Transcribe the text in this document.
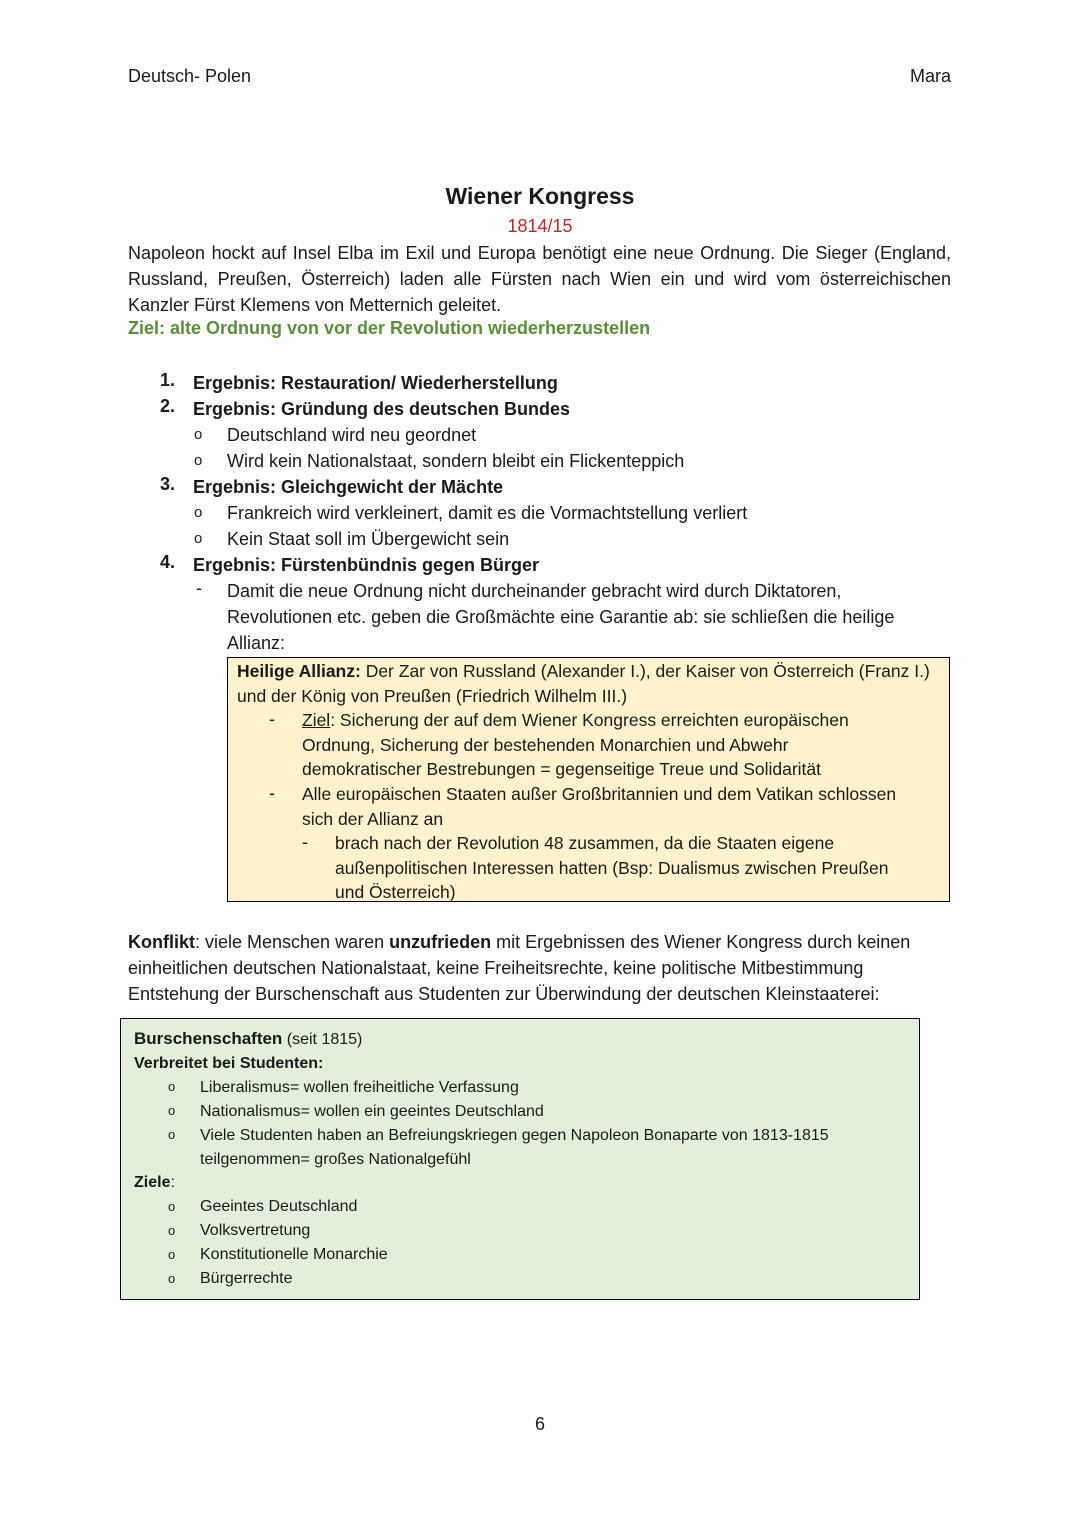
Deutsch- Polen	Mara
Wiener Kongress
1814/15
Napoleon hockt auf Insel Elba im Exil und Europa benötigt eine neue Ordnung. Die Sieger (England,
Russland, Preußen, Österreich) laden alle Fürsten nach Wien ein und wird vom österreichischen
Kanzler Fürst Klemens von Metternich geleitet.
Ziel: alte Ordnung von vor der Revolution wiederherzustellen
1. Ergebnis: Restauration/ Wiederherstellung
2. Ergebnis: Gründung des deutschen Bundes
o Deutschland wird neu geordnet
o Wird kein Nationalstaat, sondern bleibt ein Flickenteppich
3. Ergebnis: Gleichgewicht der Mächte
o Frankreich wird verkleinert, damit es die Vormachtstellung verliert
o Kein Staat soll im Übergewicht sein
4. Ergebnis: Fürstenbündnis gegen Bürger
- Damit die neue Ordnung nicht durcheinander gebracht wird durch Diktatoren,
Revolutionen etc. geben die Großmächte eine Garantie ab: sie schließen die heilige
Allianz:
Heilige Allianz: Der Zar von Russland (Alexander I.), der Kaiser von Österreich (Franz I.)
und der König von Preußen (Friedrich Wilhelm III.)
- Ziel: Sicherung der auf dem Wiener Kongress erreichten europäischen
Ordnung, Sicherung der bestehenden Monarchien und Abwehr
demokratischer Bestrebungen = gegenseitige Treue und Solidarität
- Alle europäischen Staaten außer Großbritannien und dem Vatikan schlossen
sich der Allianz an
- brach nach der Revolution 48 zusammen, da die Staaten eigene
außenpolitischen Interessen hatten (Bsp: Dualismus zwischen Preußen
und Österreich)
Konflikt: viele Menschen waren unzufrieden mit Ergebnissen des Wiener Kongress durch keinen
einheitlichen deutschen Nationalstaat, keine Freiheitsrechte, keine politische Mitbestimmung
Entstehung der Burschenschaft aus Studenten zur Überwindung der deutschen Kleinstaaterei:
Burschenschaften (seit 1815)
Verbreitet bei Studenten:
o Liberalismus= wollen freiheitliche Verfassung
o Nationalismus= wollen ein geeintes Deutschland
o Viele Studenten haben an Befreiungskriegen gegen Napoleon Bonaparte von 1813-1815
teilgenommen= großes Nationalgefühl
Ziele:
o Geeintes Deutschland
o Volksvertretung
o Konstitutionelle Monarchie
o Bürgerrechte
6
